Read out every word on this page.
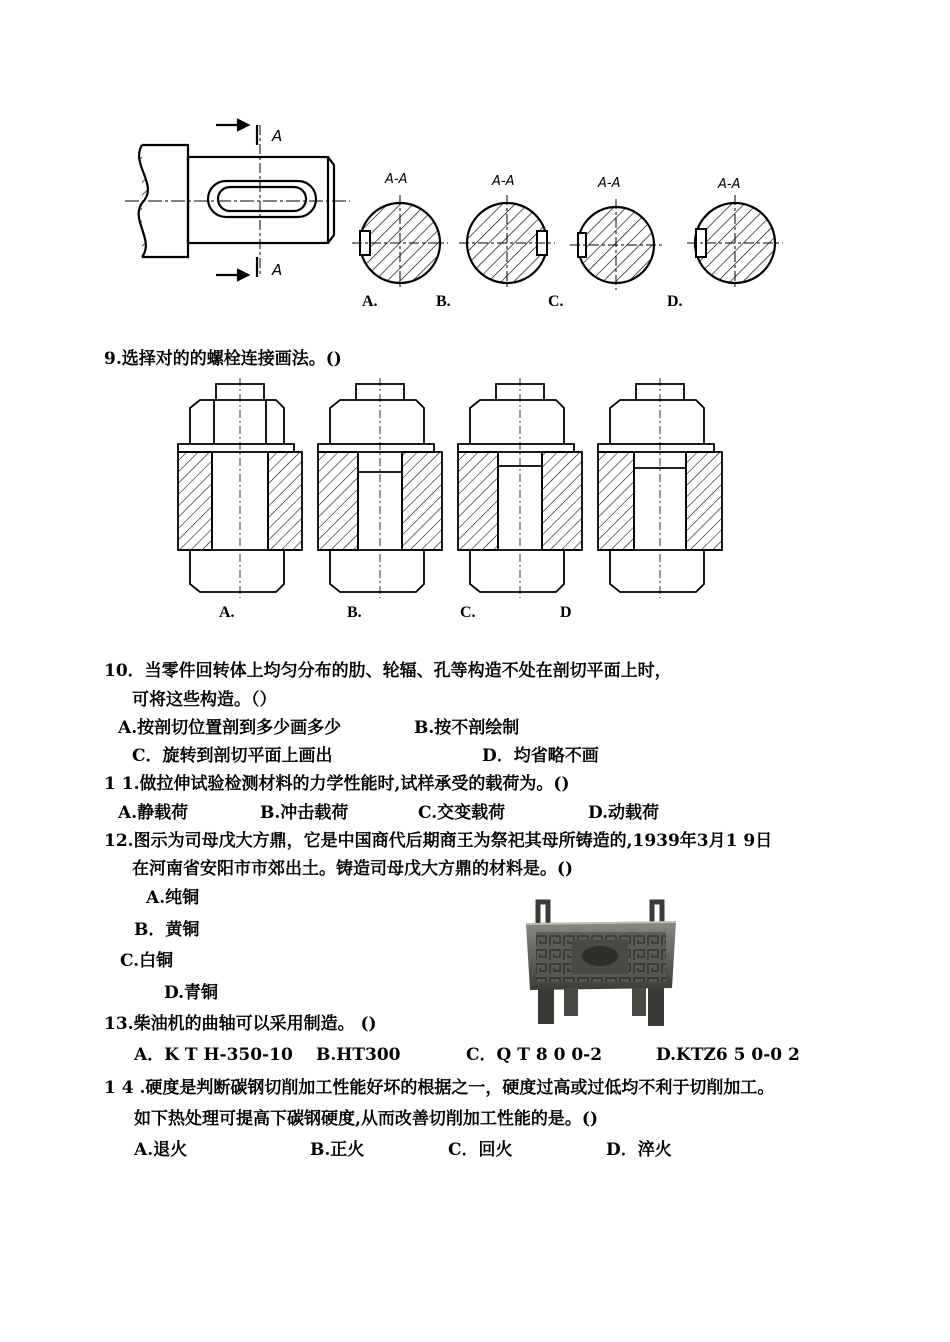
A
A
A-A	A-A	A-A	A-A
A.	B.	C.	D.
9.选择对的的螺栓连接画法。()
A.	B.	C.	D
10．当零件回转体上均匀分布的肋、轮辐、孔等构造不处在剖切平面上时，
可将这些构造。（）
A.按剖切位置剖到多少画多少	B.按不剖绘制
C．旋转到剖切平面上画出	D．均省略不画
1 1.做拉伸试验检测材料的力学性能时,试样承受的载荷为。()
A.静载荷	B.冲击载荷	C.交变载荷	D.动载荷
12.图示为司母戊大方鼎，它是中国商代后期商王为祭祀其母所铸造的,1939年3月1 9日
在河南省安阳市市郊出土。铸造司母戊大方鼎的材料是。()
A.纯铜
B．黄铜
C.白铜
D.青铜
13.柴油机的曲轴可以采用制造。 ()
A．K T H-350-10 B.HT300	C．Q T 8 0 0-2	D.KTZ6 5 0-0 2
1 4 .硬度是判断碳钢切削加工性能好坏的根据之一，硬度过高或过低均不利于切削加工。
如下热处理可提高下碳钢硬度,从而改善切削加工性能的是。()
A.退火	B.正火	C．回火	D．淬火
